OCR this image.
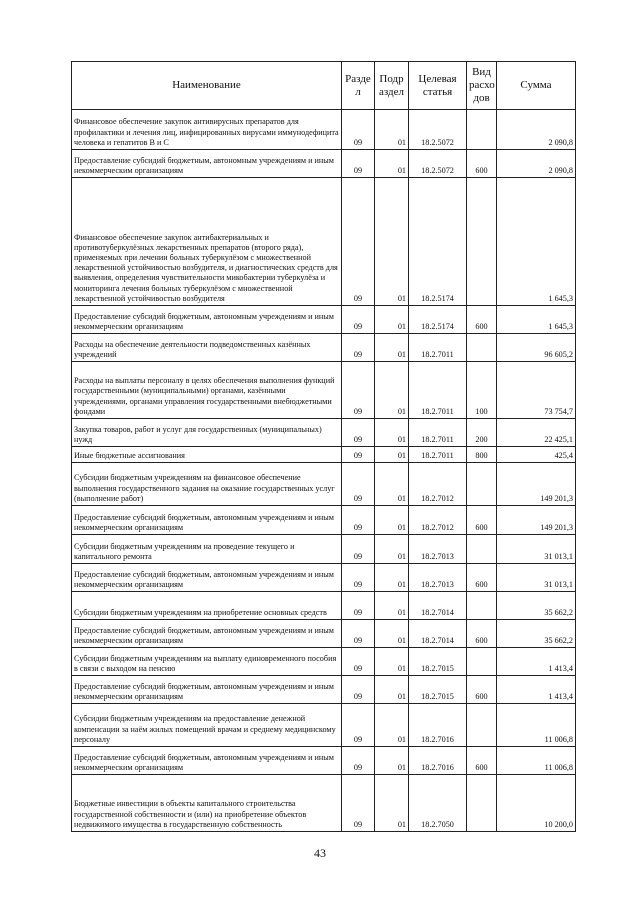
Наименование	Разде л	Подр аздел	Целевая статья	Вид расхо дов	Сумма
Финансовое обеспечение закупок антивирусных препаратов для профилактики и лечения лиц, инфицированных вирусами иммунодефицита человека и гепатитов В и С	09	01	18.2.5072		2 090,8
Предоставление субсидий бюджетным, автономным учреждениям и иным некоммерческим организациям	09	01	18.2.5072	600	2 090,8
Финансовое обеспечение закупок антибактериальных и противотуберкулёзных лекарственных препаратов (второго ряда), применяемых при лечении больных туберкулёзом с множественной лекарственной устойчивостью возбудителя, и диагностических средств для выявления, определения чувствительности микобактерии туберкулёза и мониторинга лечения больных туберкулёзом с множественной лекарственной устойчивостью возбудителя	09	01	18.2.5174		1 645,3
Предоставление субсидий бюджетным, автономным учреждениям и иным некоммерческим организациям	09	01	18.2.5174	600	1 645,3
Расходы на обеспечение деятельности подведомственных казённых учреждений	09	01	18.2.7011		96 605,2
Расходы на выплаты персоналу в целях обеспечения выполнения функций государственными (муниципальными) органами, казёнными учреждениями, органами управления государственными внебюджетными фондами	09	01	18.2.7011	100	73 754,7
Закупка товаров, работ и услуг для государственных (муниципальных) нужд	09	01	18.2.7011	200	22 425,1
Иные бюджетные ассигнования	09	01	18.2.7011	800	425,4
Субсидии бюджетным учреждениям на финансовое обеспечение выполнения государственного задания на оказание государственных услуг (выполнение работ)	09	01	18.2.7012		149 201,3
Предоставление субсидий бюджетным, автономным учреждениям и иным некоммерческим организациям	09	01	18.2.7012	600	149 201,3
Субсидии бюджетным учреждениям на проведение текущего и капитального ремонта	09	01	18.2.7013		31 013,1
Предоставление субсидий бюджетным, автономным учреждениям и иным некоммерческим организациям	09	01	18.2.7013	600	31 013,1
Субсидии бюджетным учреждениям на приобретение основных средств	09	01	18.2.7014		35 662,2
Предоставление субсидий бюджетным, автономным учреждениям и иным некоммерческим организациям	09	01	18.2.7014	600	35 662,2
Субсидии бюджетным учреждениям на выплату единовременного пособия в связи с выходом на пенсию	09	01	18.2.7015		1 413,4
Предоставление субсидий бюджетным, автономным учреждениям и иным некоммерческим организациям	09	01	18.2.7015	600	1 413,4
Субсидии бюджетным учреждениям на предоставление денежной компенсации за наём жилых помещений врачам и среднему медицинскому персоналу	09	01	18.2.7016		11 006,8
Предоставление субсидий бюджетным, автономным учреждениям и иным некоммерческим организациям	09	01	18.2.7016	600	11 006,8
Бюджетные инвестиции в объекты капитального строительства государственной собственности и (или) на приобретение объектов недвижимого имущества в государственную собственность	09	01	18.2.7050		10 200,0
43
